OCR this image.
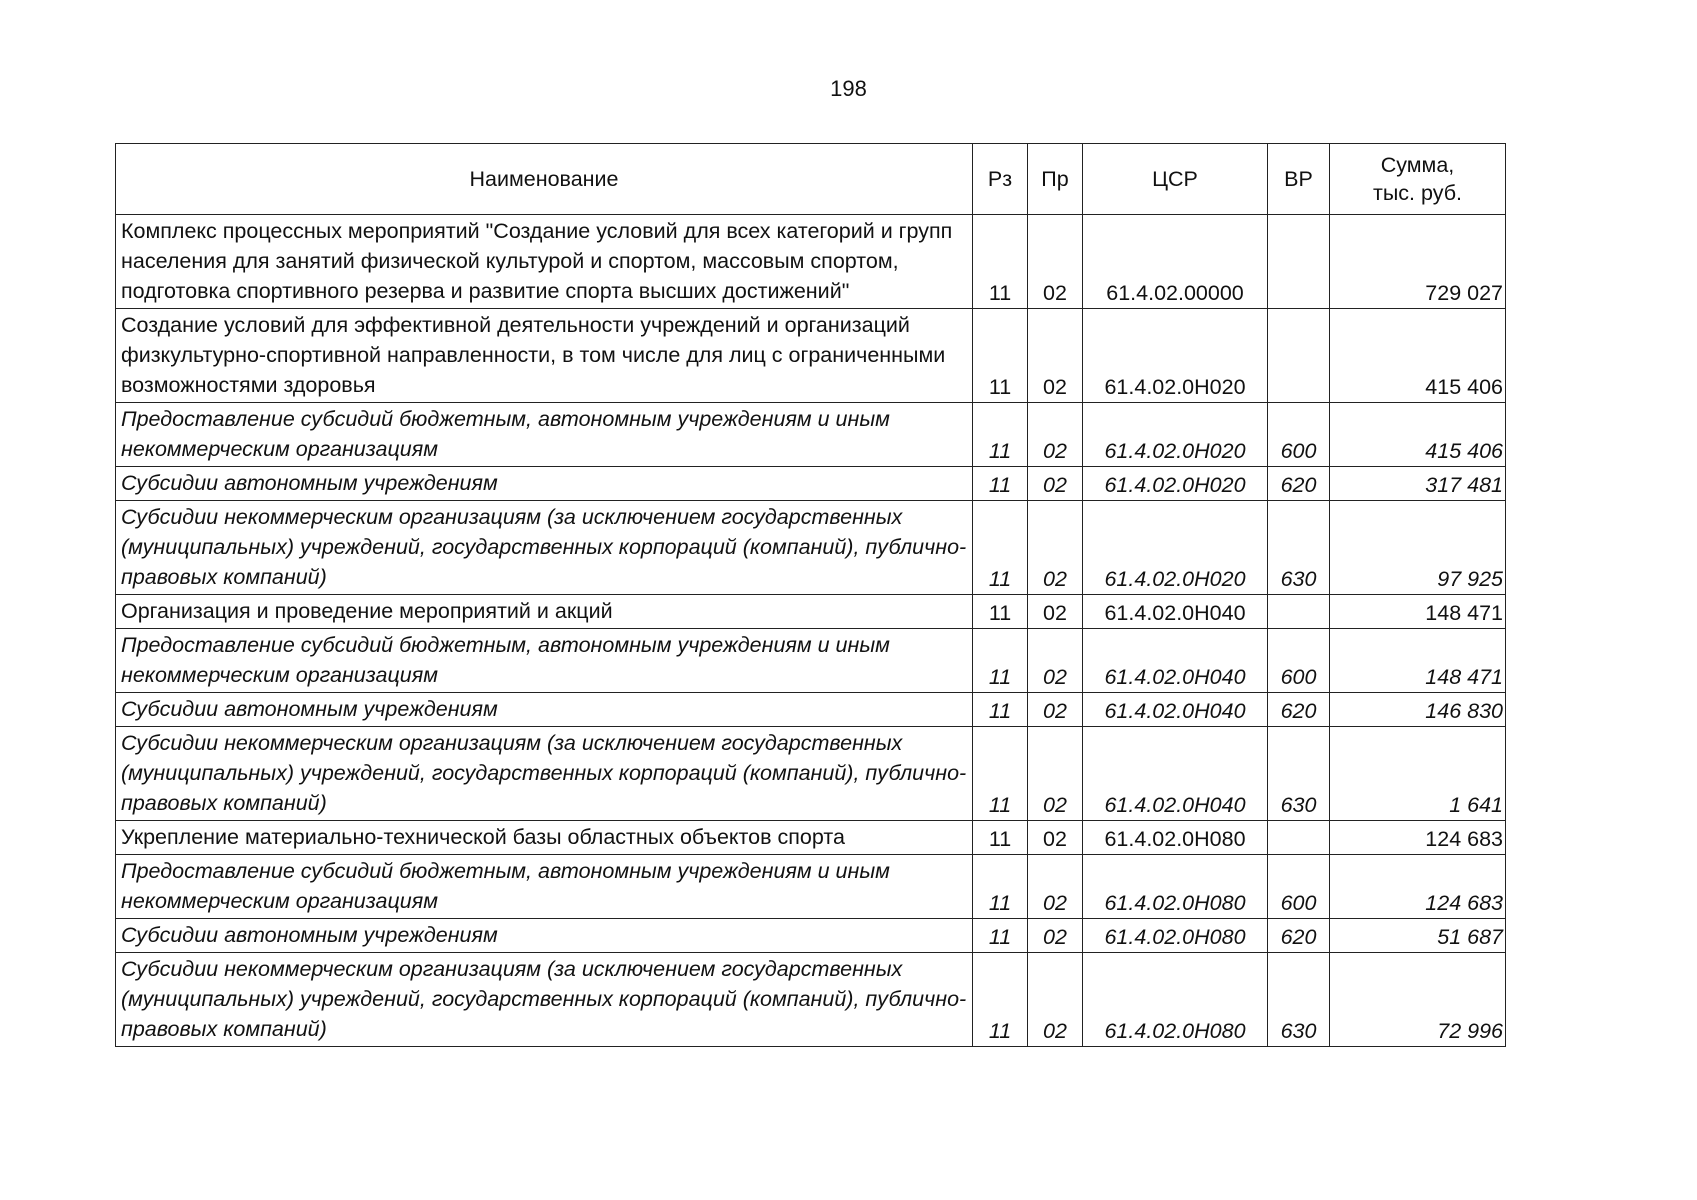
198
Наименование	Рз	Пр	ЦСР	ВР	Сумма,
тыс. руб.
Комплекс процессных мероприятий "Создание условий для всех категорий и групп населения для занятий физической культурой и спортом, массовым спортом, подготовка спортивного резерва и развитие спорта высших достижений"	11	02	61.4.02.00000		729 027
Создание условий для эффективной деятельности учреждений и организаций физкультурно-спортивной направленности, в том числе для лиц с ограниченными возможностями здоровья	11	02	61.4.02.0Н020		415 406
Предоставление субсидий бюджетным, автономным учреждениям и иным некоммерческим организациям	11	02	61.4.02.0Н020	600	415 406
Субсидии автономным учреждениям	11	02	61.4.02.0Н020	620	317 481
Субсидии некоммерческим организациям (за исключением государственных (муниципальных) учреждений, государственных корпораций (компаний), публично-правовых компаний)	11	02	61.4.02.0Н020	630	97 925
Организация и проведение мероприятий и акций	11	02	61.4.02.0Н040		148 471
Предоставление субсидий бюджетным, автономным учреждениям и иным некоммерческим организациям	11	02	61.4.02.0Н040	600	148 471
Субсидии автономным учреждениям	11	02	61.4.02.0Н040	620	146 830
Субсидии некоммерческим организациям (за исключением государственных (муниципальных) учреждений, государственных корпораций (компаний), публично-правовых компаний)	11	02	61.4.02.0Н040	630	1 641
Укрепление материально-технической базы областных объектов спорта	11	02	61.4.02.0Н080		124 683
Предоставление субсидий бюджетным, автономным учреждениям и иным некоммерческим организациям	11	02	61.4.02.0Н080	600	124 683
Субсидии автономным учреждениям	11	02	61.4.02.0Н080	620	51 687
Субсидии некоммерческим организациям (за исключением государственных (муниципальных) учреждений, государственных корпораций (компаний), публично-правовых компаний)	11	02	61.4.02.0Н080	630	72 996
